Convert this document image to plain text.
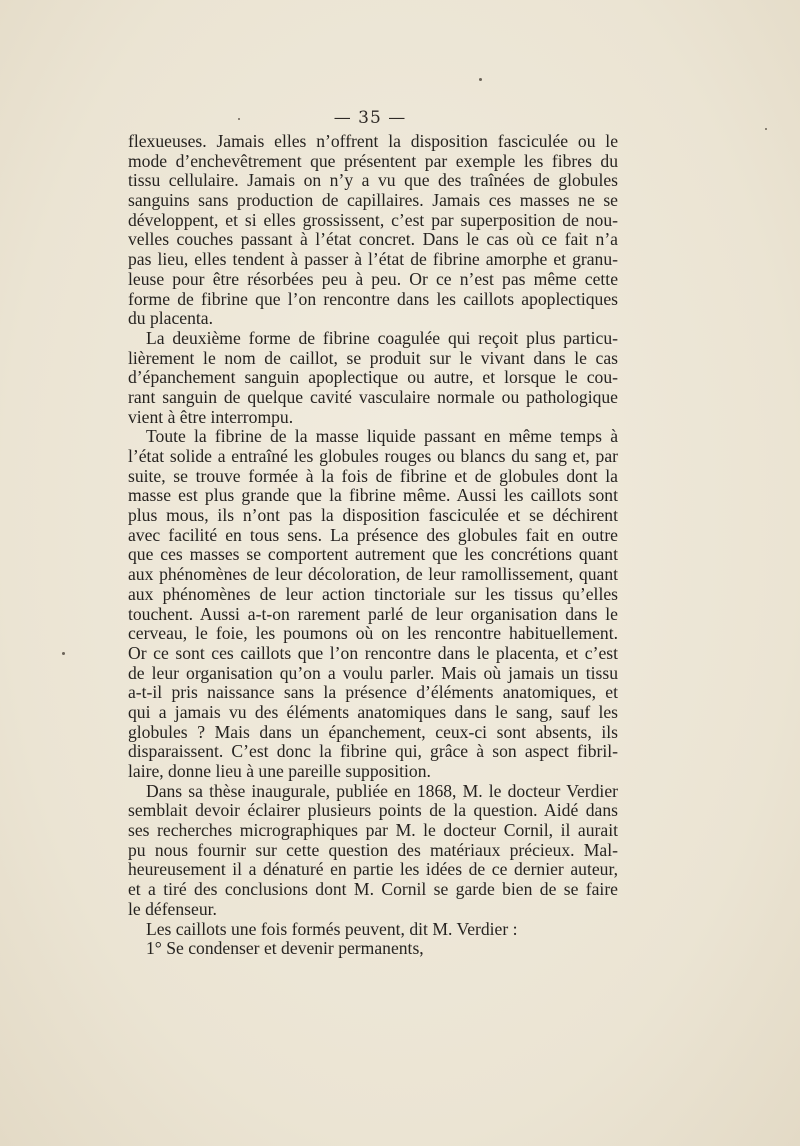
— 35 —
flexueuses. Jamais elles n’offrent la disposition fasciculée ou le
mode d’enchevêtrement que présentent par exemple les fibres du
tissu cellulaire. Jamais on n’y a vu que des traînées de globules
sanguins sans production de capillaires. Jamais ces masses ne se
développent, et si elles grossissent, c’est par superposition de nou-
velles couches passant à l’état concret. Dans le cas où ce fait n’a
pas lieu, elles tendent à passer à l’état de fibrine amorphe et granu-
leuse pour être résorbées peu à peu. Or ce n’est pas même cette
forme de fibrine que l’on rencontre dans les caillots apoplectiques
du placenta.
La deuxième forme de fibrine coagulée qui reçoit plus particu-
lièrement le nom de caillot, se produit sur le vivant dans le cas
d’épanchement sanguin apoplectique ou autre, et lorsque le cou-
rant sanguin de quelque cavité vasculaire normale ou pathologique
vient à être interrompu.
Toute la fibrine de la masse liquide passant en même temps à
l’état solide a entraîné les globules rouges ou blancs du sang et, par
suite, se trouve formée à la fois de fibrine et de globules dont la
masse est plus grande que la fibrine même. Aussi les caillots sont
plus mous, ils n’ont pas la disposition fasciculée et se déchirent
avec facilité en tous sens. La présence des globules fait en outre
que ces masses se comportent autrement que les concrétions quant
aux phénomènes de leur décoloration, de leur ramollissement, quant
aux phénomènes de leur action tinctoriale sur les tissus qu’elles
touchent. Aussi a-t-on rarement parlé de leur organisation dans le
cerveau, le foie, les poumons où on les rencontre habituellement.
Or ce sont ces caillots que l’on rencontre dans le placenta, et c’est
de leur organisation qu’on a voulu parler. Mais où jamais un tissu
a-t-il pris naissance sans la présence d’éléments anatomiques, et
qui a jamais vu des éléments anatomiques dans le sang, sauf les
globules ? Mais dans un épanchement, ceux-ci sont absents, ils
disparaissent. C’est donc la fibrine qui, grâce à son aspect fibril-
laire, donne lieu à une pareille supposition.
Dans sa thèse inaugurale, publiée en 1868, M. le docteur Verdier
semblait devoir éclairer plusieurs points de la question. Aidé dans
ses recherches micrographiques par M. le docteur Cornil, il aurait
pu nous fournir sur cette question des matériaux précieux. Mal-
heureusement il a dénaturé en partie les idées de ce dernier auteur,
et a tiré des conclusions dont M. Cornil se garde bien de se faire
le défenseur.
Les caillots une fois formés peuvent, dit M. Verdier :
1° Se condenser et devenir permanents,
